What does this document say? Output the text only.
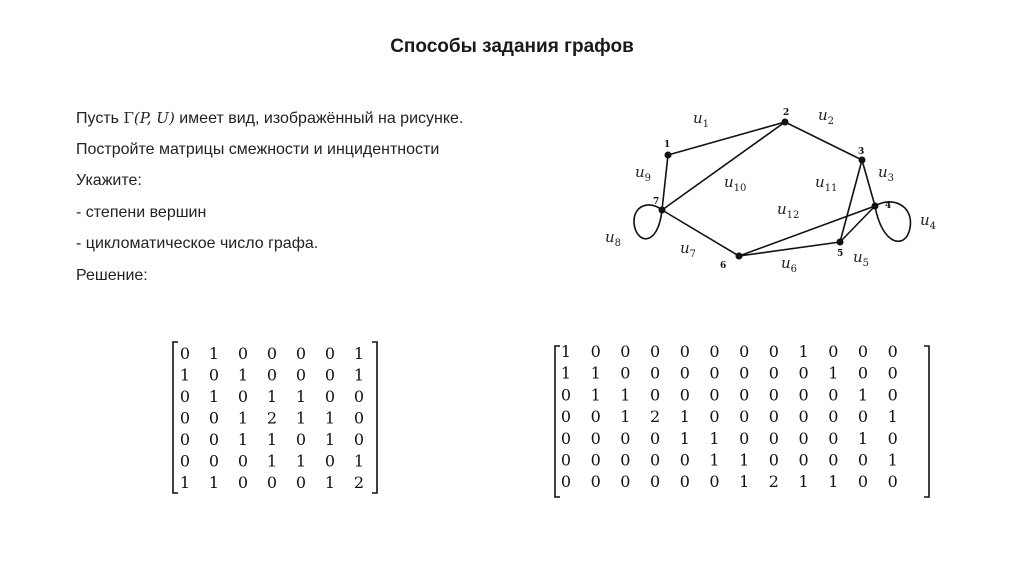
Способы задания графов
Пусть Γ(P, U) имеет вид, изображённый на рисунке.
Постройте матрицы смежности и инцидентности
Укажите:
- степени вершин
- цикломатическое число графа.
Решение:
1
2
3
4
5
6
7
$u_1$
$u_2$
$u_3$
$u_4$
$u_5$
$u_6$
$u_7$
$u_8$
$u_9$	$u_{10}$	$u_{11}$
$u_{12}$
0 1 0 0 0 0 1
1 0 1 0 0 0 1
0 1 0 1 1 0 0
0 0 1 2 1 1 0
0 0 1 1 0 1 0
0 0 0 1 1 0 1
1 1 0 0 0 1 2
1 0 0 0 0 0 0 0 1 0 0 0
1 1 0 0 0 0 0 0 0 1 0 0
0 1 1 0 0 0 0 0 0 0 1 0
0 0 1 2 1 0 0 0 0 0 0 1
0 0 0 0 1 1 0 0 0 0 1 0
0 0 0 0 0 1 1 0 0 0 0 1
0 0 0 0 0 0 1 2 1 1 0 0
